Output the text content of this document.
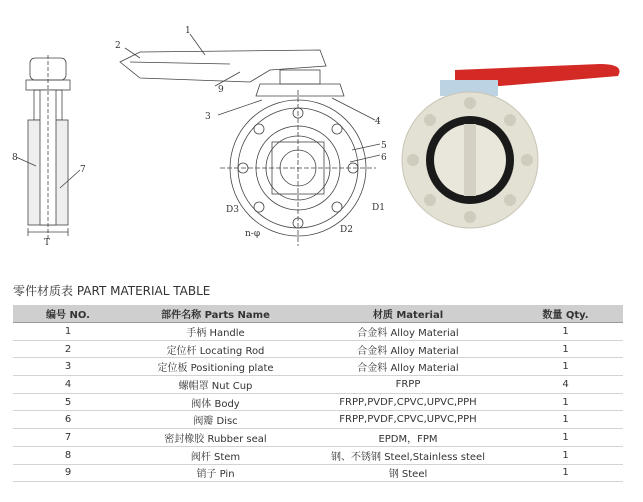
T
8
7
2
1
9
3	4
5
6
D3
n-φ	D2
D1
零件材质表 PART MATERIAL TABLE
编号 NO.	部件名称 Parts Name	材质 Material	数量 Qty.
1	手柄 Handle	合金料 Alloy Material	1
2	定位杆 Locating Rod	合金料 Alloy Material	1
3	定位板 Positioning plate	合金料 Alloy Material	1
4	螺帽罩 Nut Cup	FRPP	4
5	阀体 Body	FRPP,PVDF,CPVC,UPVC,PPH	1
6	阀瓣 Disc	FRPP,PVDF,CPVC,UPVC,PPH	1
7	密封橡胶 Rubber seal	EPDM，FPM	1
8	阀杆 Stem	钢、不锈钢 Steel,Stainless steel	1
9	销子 Pin	钢 Steel	1
